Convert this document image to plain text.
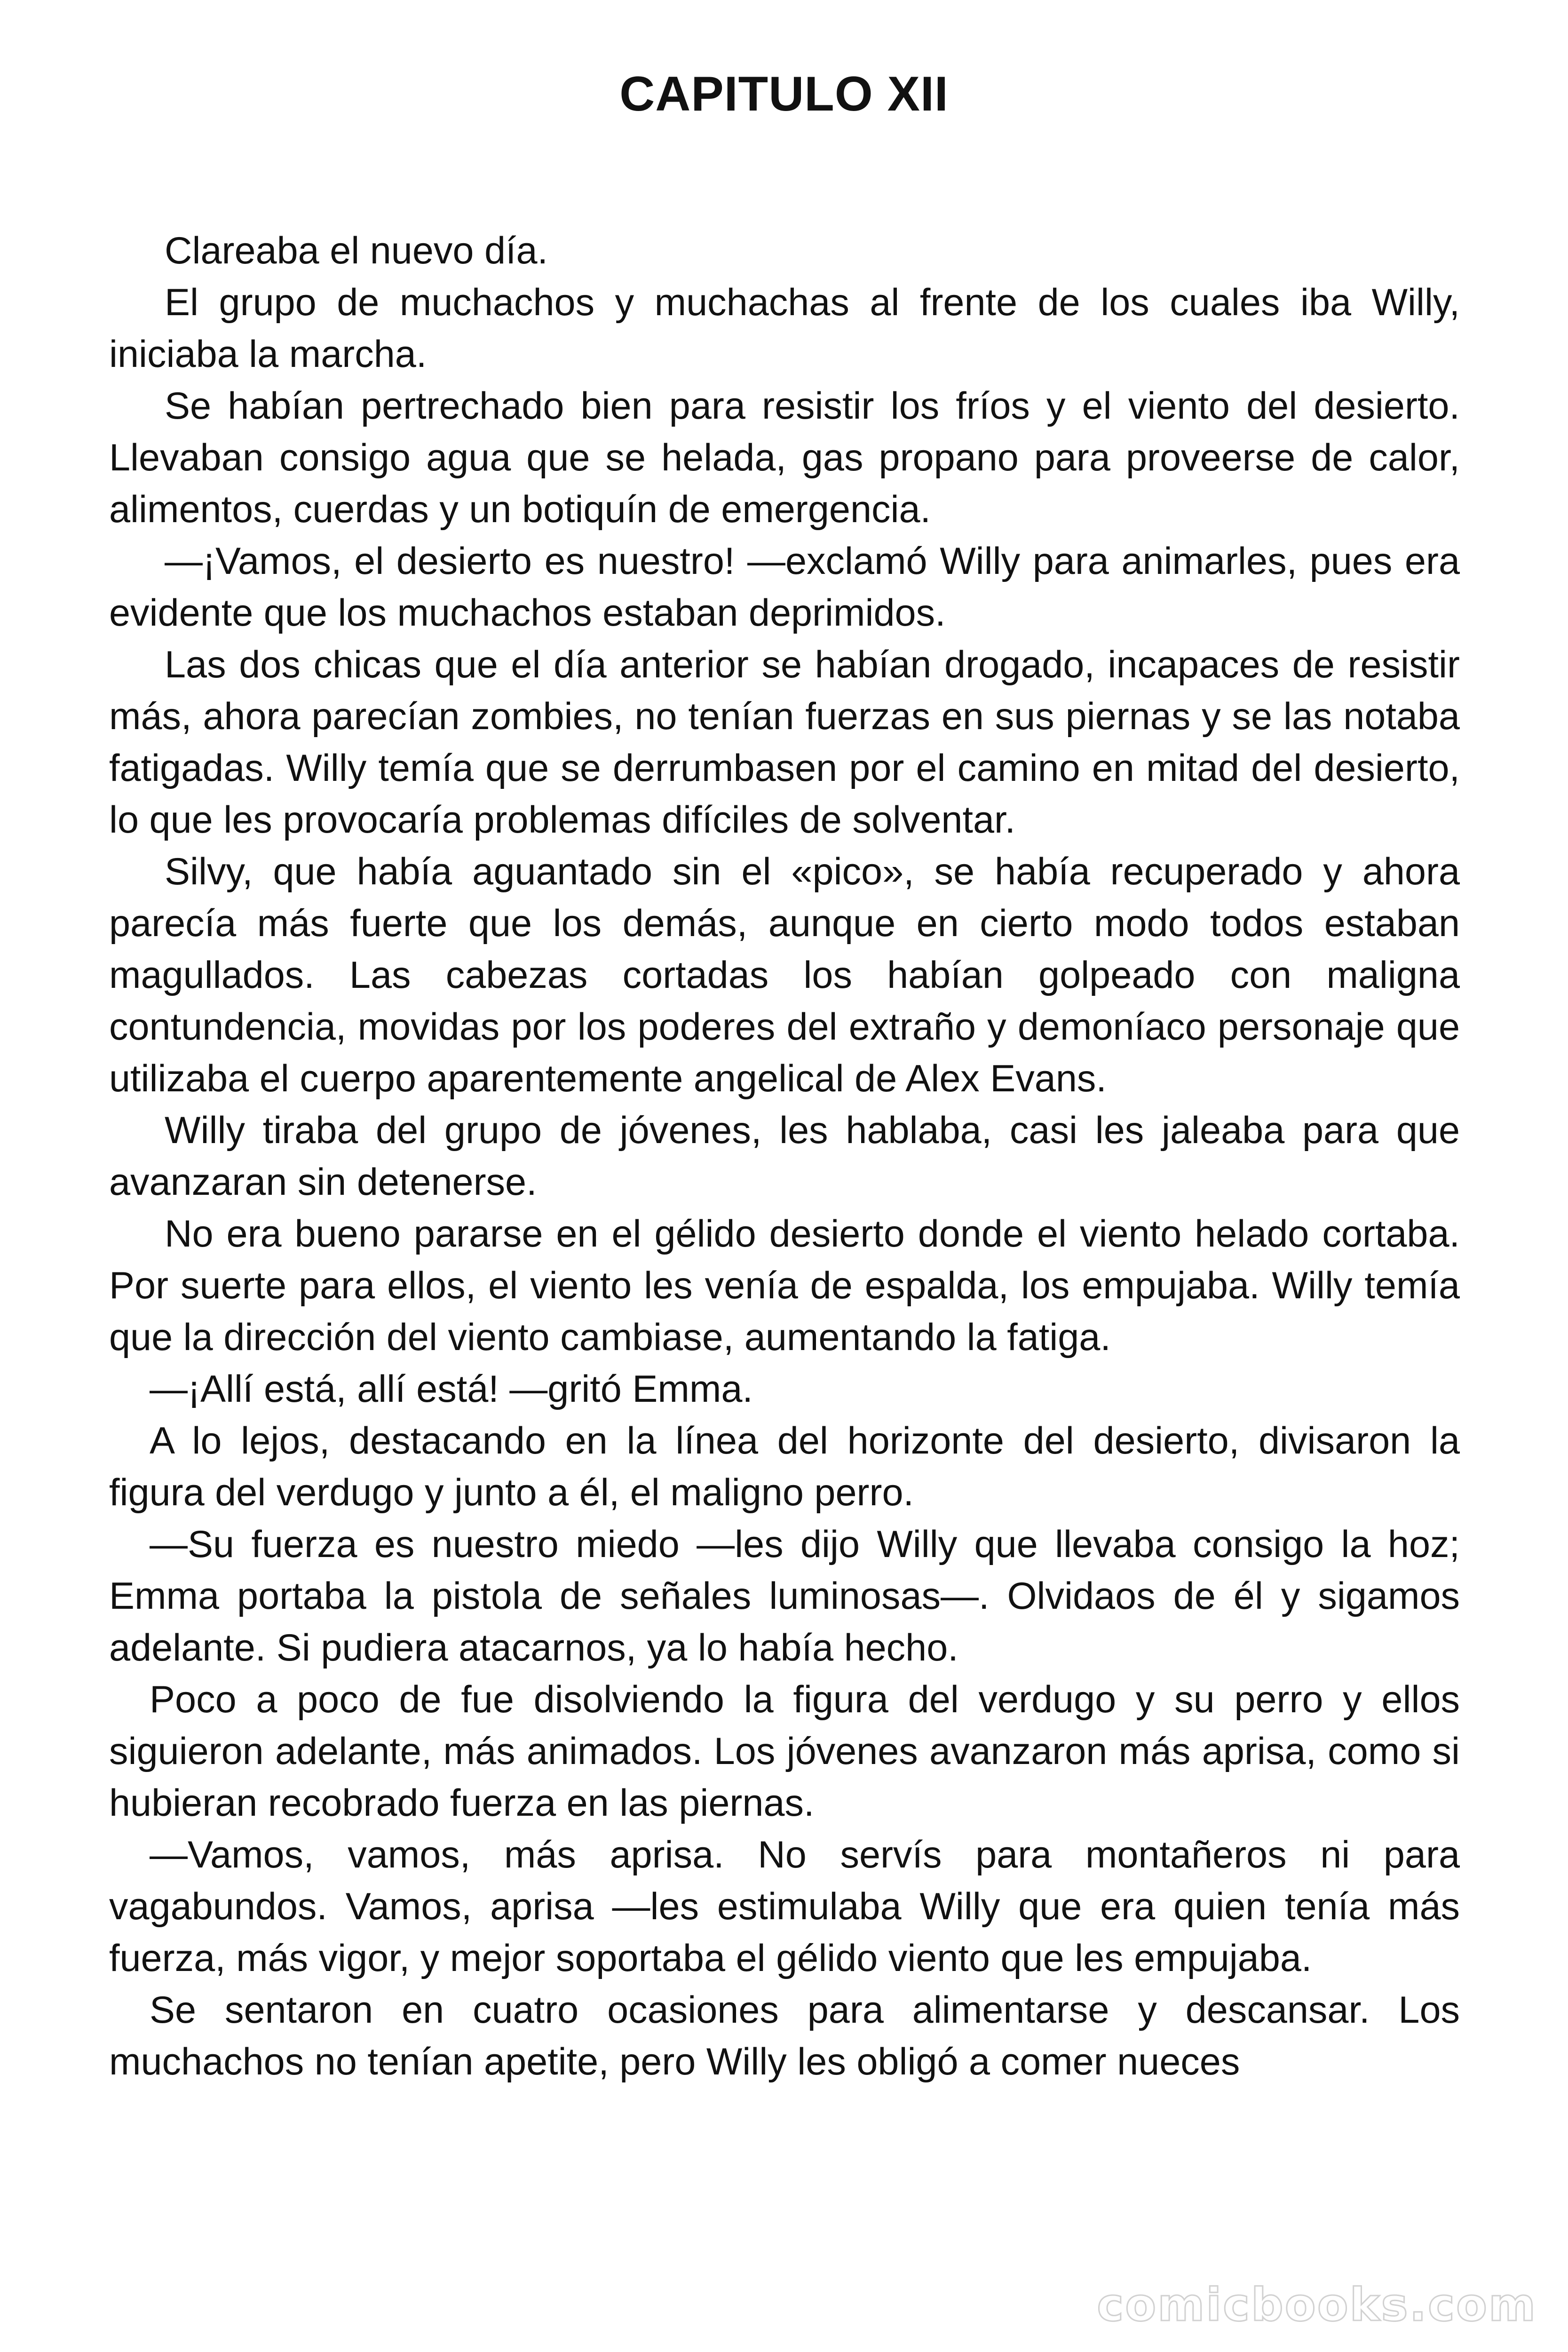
CAPITULO XII

Clareaba el nuevo día.

El grupo de muchachos y muchachas al frente de los cuales iba Willy, iniciaba la marcha.

Se habían pertrechado bien para resistir los fríos y el viento del desierto. Llevaban consigo agua que se helada, gas propano para proveerse de calor, alimentos, cuerdas y un botiquín de emergencia.

—¡Vamos, el desierto es nuestro! —exclamó Willy para animarles, pues era evidente que los muchachos estaban deprimidos.

Las dos chicas que el día anterior se habían drogado, incapaces de resistir más, ahora parecían zombies, no tenían fuerzas en sus piernas y se las notaba fatigadas. Willy temía que se derrumbasen por el camino en mitad del desierto, lo que les provocaría problemas difíciles de solventar.

Silvy, que había aguantado sin el «pico», se había recuperado y ahora parecía más fuerte que los demás, aunque en cierto modo todos estaban magullados. Las cabezas cortadas los habían golpeado con maligna contundencia, movidas por los poderes del extraño y demoníaco personaje que utilizaba el cuerpo aparentemente angelical de Alex Evans.

Willy tiraba del grupo de jóvenes, les hablaba, casi les jaleaba para que avanzaran sin detenerse.

No era bueno pararse en el gélido desierto donde el viento helado cortaba. Por suerte para ellos, el viento les venía de espalda, los empujaba. Willy temía que la dirección del viento cambiase, aumentando la fatiga.

—¡Allí está, allí está! —gritó Emma.

A lo lejos, destacando en la línea del horizonte del desierto, divisaron la figura del verdugo y junto a él, el maligno perro.

—Su fuerza es nuestro miedo —les dijo Willy que llevaba consigo la hoz; Emma portaba la pistola de señales luminosas—. Olvidaos de él y sigamos adelante. Si pudiera atacarnos, ya lo había hecho.

Poco a poco de fue disolviendo la figura del verdugo y su perro y ellos siguieron adelante, más animados. Los jóvenes avanzaron más aprisa, como si hubieran recobrado fuerza en las piernas.

—Vamos, vamos, más aprisa. No servís para montañeros ni para vagabundos. Vamos, aprisa —les estimulaba Willy que era quien tenía más fuerza, más vigor, y mejor soportaba el gélido viento que les empujaba.

Se sentaron en cuatro ocasiones para alimentarse y descansar. Los muchachos no tenían apetite, pero Willy les obligó a comer nueces

comicbooks.com
